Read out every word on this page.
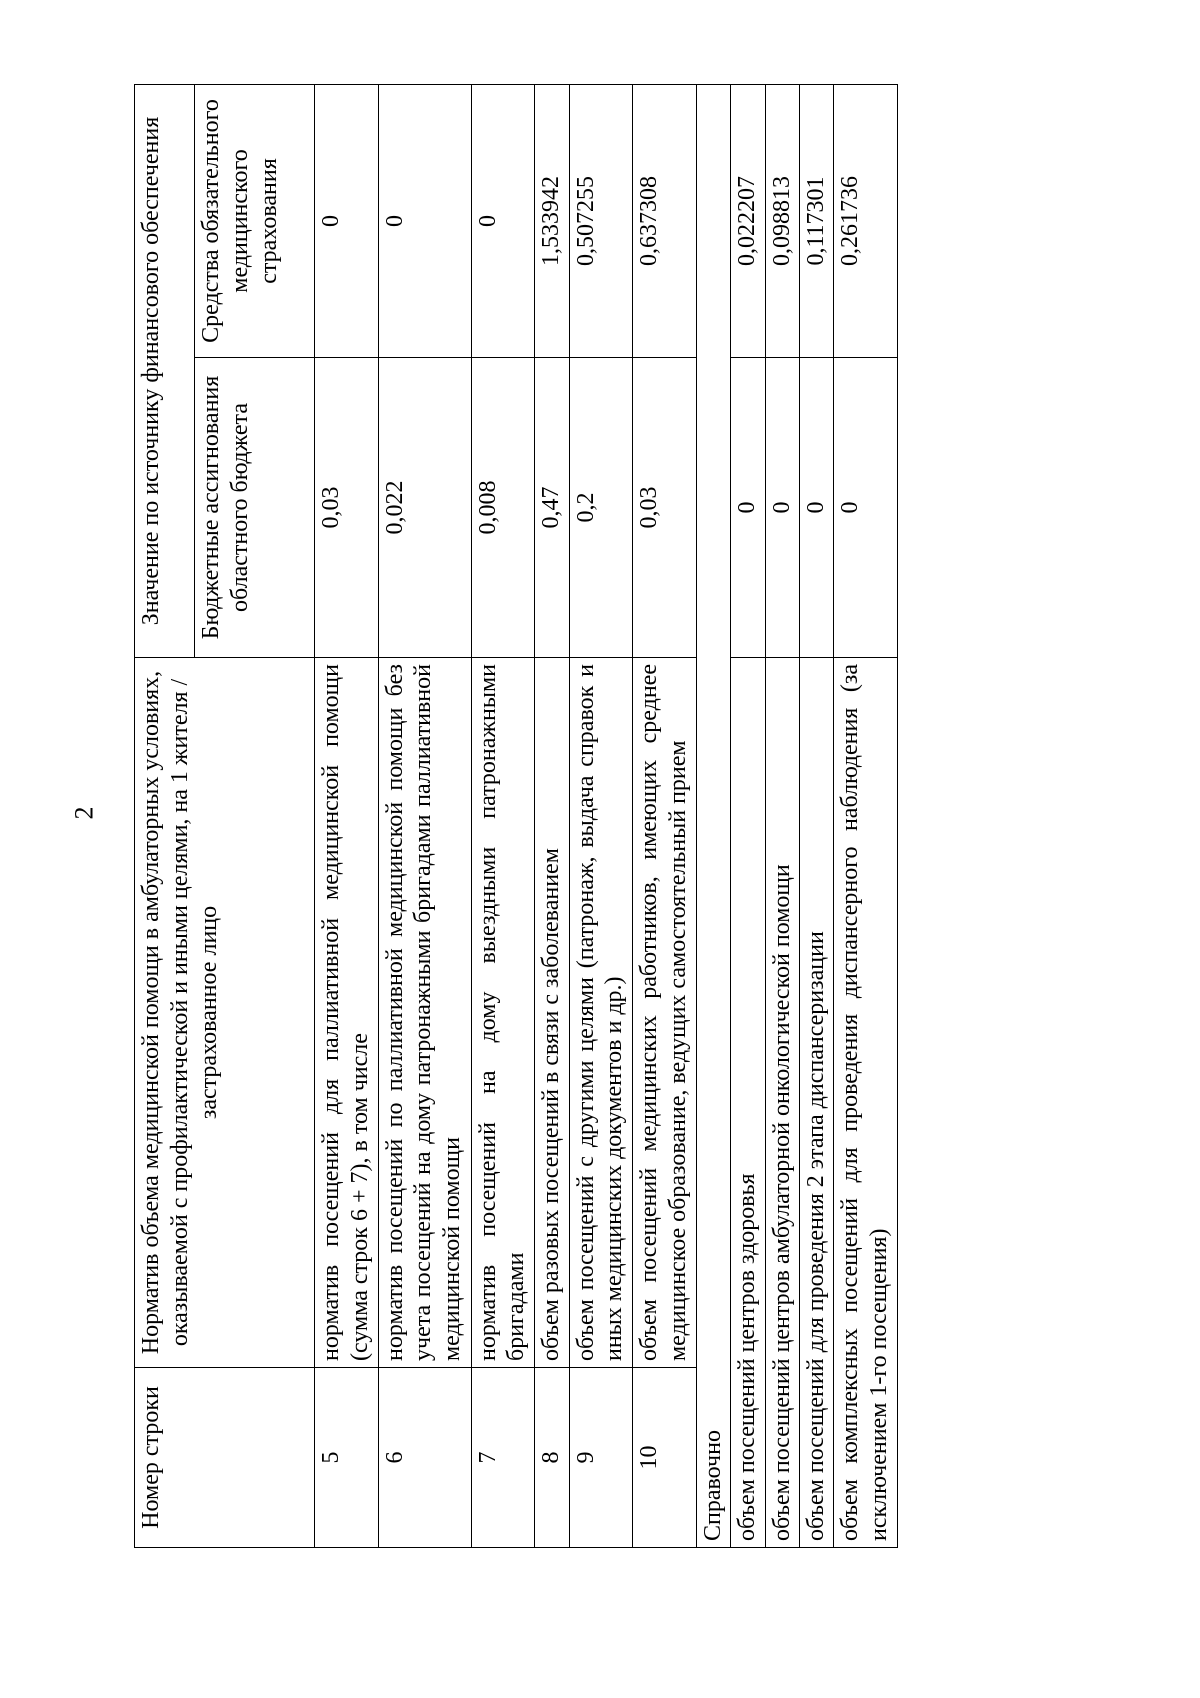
2
Номер строки	Норматив объема медицинской помощи в амбулаторных условиях, оказываемой с профилактической и иными целями, на 1 жителя / застрахованное лицо	Значение по источнику финансового обеспечения	
		Бюджетные ассигнования областного бюджета	Средства обязательного медицинского страхования
5	норматив посещений для паллиативной медицинской помощи (сумма строк 6 + 7), в том числе	0,03	0
6	норматив посещений по паллиативной медицинской помощи без учета посещений на дому патронажными бригадами паллиативной медицинской помощи	0,022	0
7	норматив посещений на дому выездными патронажными бригадами	0,008	0
8	объем разовых посещений в связи с заболеванием	0,47	1,533942
9	объем посещений с другими целями (патронаж, выдача справок и иных медицинских документов и др.)	0,2	0,507255
10	объем посещений медицинских работников, имеющих среднее медицинское образование, ведущих самостоятельный прием	0,03	0,637308
Справочно			
объем посещений центров здоровья		0	0,022207
объем посещений центров амбулаторной онкологической помощи		0	0,098813
объем посещений для проведения 2 этапа диспансеризации		0	0,117301
объем комплексных посещений для проведения диспансерного наблюдения (за исключением 1-го посещения)		0	0,261736
